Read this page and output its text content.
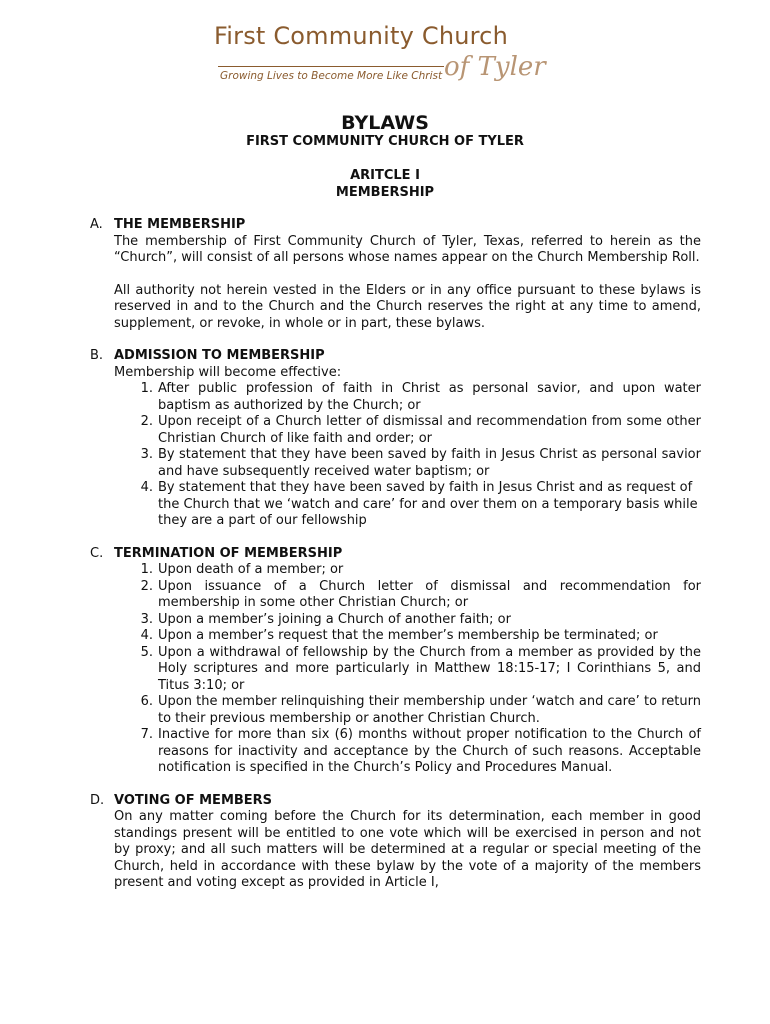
First Community Church
Growing Lives to Become More Like Christ of Tyler
BYLAWS
FIRST COMMUNITY CHURCH OF TYLER
ARITCLE I
MEMBERSHIP
A. THE MEMBERSHIP

The membership of First Community Church of Tyler, Texas, referred to herein as the “Church”, will consist of all persons whose names appear on the Church Membership Roll.

All authority not herein vested in the Elders or in any office pursuant to these bylaws is reserved in and to the Church and the Church reserves the right at any time to amend, supplement, or revoke, in whole or in part, these bylaws.

B. ADMISSION TO MEMBERSHIP
Membership will become effective:
1. After public profession of faith in Christ as personal savior, and upon water baptism as authorized by the Church; or
2. Upon receipt of a Church letter of dismissal and recommendation from some other Christian Church of like faith and order; or
3. By statement that they have been saved by faith in Jesus Christ as personal savior and have subsequently received water baptism; or
4. By statement that they have been saved by faith in Jesus Christ and as request of the Church that we ‘watch and care’ for and over them on a temporary basis while they are a part of our fellowship
C. TERMINATION OF MEMBERSHIP
1. Upon death of a member; or
2. Upon issuance of a Church letter of dismissal and recommendation for membership in some other Christian Church; or
3. Upon a member’s joining a Church of another faith; or
4. Upon a member’s request that the member’s membership be terminated; or
5. Upon a withdrawal of fellowship by the Church from a member as provided by the Holy scriptures and more particularly in Matthew 18:15-17; I Corinthians 5, and Titus 3:10; or
6. Upon the member relinquishing their membership under ‘watch and care’ to return to their previous membership or another Christian Church.
7. Inactive for more than six (6) months without proper notification to the Church of reasons for inactivity and acceptance by the Church of such reasons. Acceptable notification is specified in the Church’s Policy and Procedures Manual.
D. VOTING OF MEMBERS

On any matter coming before the Church for its determination, each member in good standings present will be entitled to one vote which will be exercised in person and not by proxy; and all such matters will be determined at a regular or special meeting of the Church, held in accordance with these bylaw by the vote of a majority of the members present and voting except as provided in Article I,
